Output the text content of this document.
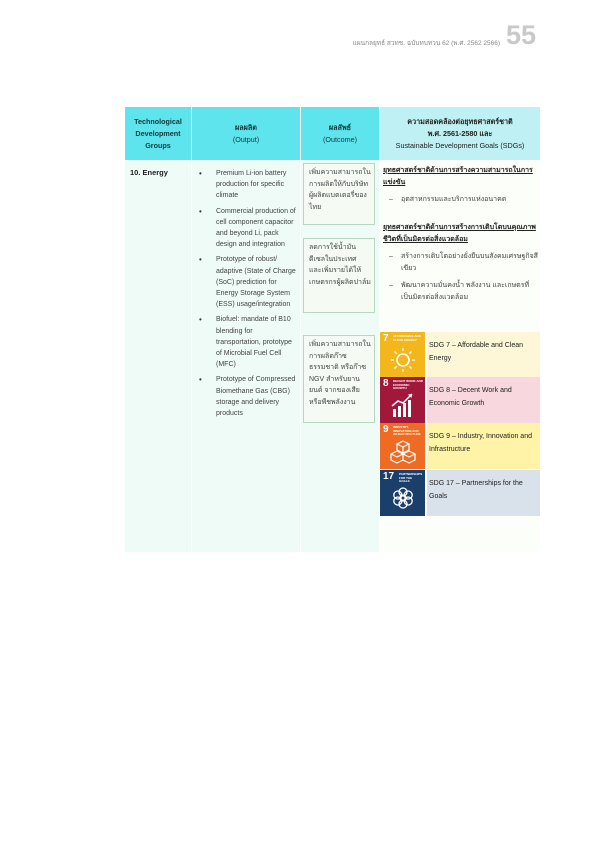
แผนกลยุทธ์ สวทช. ฉบับทบทวน 62 (พ.ศ. 2562 2566) 55
Technological
Development
Groups
ผลผลิต
(Output)
ผลลัพธ์
(Outcome)
ความสอดคล้องต่อยุทธศาสตร์ชาติ
พ.ศ. 2561-2580 และ
Sustainable Development Goals (SDGs)
10. Energy
•	Premium Li-ion battery production for specific climate
• Commercial production of cell component capacitor and beyond Li, pack design and integration
• Prototype of robust/ adaptive (State of Charge (SoC) prediction for Energy Storage System (ESS) usage/integration
• Biofuel: mandate of B10 blending for transportation, prototype of Microbial Fuel Cell (MFC)
• Prototype of Compressed Biomethane Gas (CBG) storage and delivery products
เพิ่มความสามารถในการผลิตให้กับบริษัทผู้ผลิตแบตเตอรี่ของไทย
ลดการใช้น้ำมันดีเซลในประเทศ และเพิ่มรายได้ให้เกษตรกรผู้ผลิตปาล์ม
เพิ่มความสามารถในการผลิตก๊าซธรรมชาติ หรือก๊าซ NGV สำหรับยานยนต์ จากของเสียหรือพืชพลังงาน
ยุทธศาสตร์ชาติด้านการสร้างความสามารถในการแข่งขัน
– อุตสาหกรรมและบริการแห่งอนาคต
ยุทธศาสตร์ชาติด้านการสร้างการเติบโตบนคุณภาพชีวิตที่เป็นมิตรต่อสิ่งแวดล้อม
– สร้างการเติบโตอย่างยั่งยืนบนสังคมเศรษฐกิจสีเขียว
– พัฒนาความมั่นคงน้ำ พลังงาน และเกษตรที่เป็นมิตรต่อสิ่งแวดล้อม
7 AFFORDABLE AND CLEAN ENERGY
SDG 7 – Affordable and Clean Energy
8 DECENT WORK AND ECONOMIC GROWTH	SDG 8 – Decent Work and Economic Growth
9 INDUSTRY, INNOVATION AND INFRASTRUCTURE	SDG 9 – Industry, Innovation and Infrastructure
17 PARTNERSHIPS FOR THE GOALS	SDG 17 – Partnerships for the Goals
